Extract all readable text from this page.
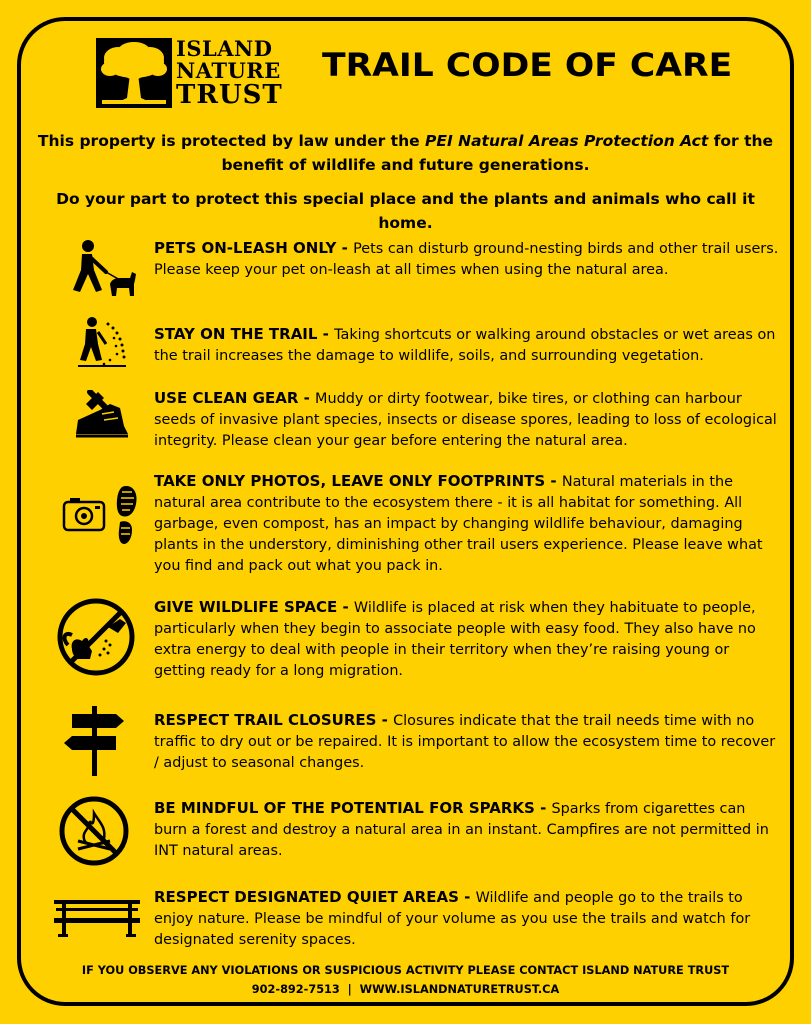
ISLAND
NATURE
TRUST
TRAIL CODE OF CARE

This property is protected by law under the PEI Natural Areas Protection Act for the benefit of wildlife and future generations.

Do your part to protect this special place and the plants and animals who call it home.

PETS ON-LEASH ONLY - Pets can disturb ground-nesting birds and other trail users. Please keep your pet on-leash at all times when using the natural area.

STAY ON THE TRAIL - Taking shortcuts or walking around obstacles or wet areas on the trail increases the damage to wildlife, soils, and surrounding vegetation.

USE CLEAN GEAR - Muddy or dirty footwear, bike tires, or clothing can harbour seeds of invasive plant species, insects or disease spores, leading to loss of ecological integrity. Please clean your gear before entering the natural area.

TAKE ONLY PHOTOS, LEAVE ONLY FOOTPRINTS - Natural materials in the natural area contribute to the ecosystem there - it is all habitat for something. All garbage, even compost, has an impact by changing wildlife behaviour, damaging plants in the understory, diminishing other trail users experience. Please leave what you find and pack out what you pack in.

GIVE WILDLIFE SPACE - Wildlife is placed at risk when they habituate to people, particularly when they begin to associate people with easy food. They also have no extra energy to deal with people in their territory when they’re raising young or getting ready for a long migration.

RESPECT TRAIL CLOSURES - Closures indicate that the trail needs time with no traffic to dry out or be repaired. It is important to allow the ecosystem time to recover / adjust to seasonal changes.

BE MINDFUL OF THE POTENTIAL FOR SPARKS - Sparks from cigarettes can burn a forest and destroy a natural area in an instant. Campfires are not permitted in INT natural areas.

RESPECT DESIGNATED QUIET AREAS - Wildlife and people go to the trails to enjoy nature. Please be mindful of your volume as you use the trails and watch for designated serenity spaces.

IF YOU OBSERVE ANY VIOLATIONS OR SUSPICIOUS ACTIVITY PLEASE CONTACT ISLAND NATURE TRUST

902-892-7513 | WWW.ISLANDNATURETRUST.CA
